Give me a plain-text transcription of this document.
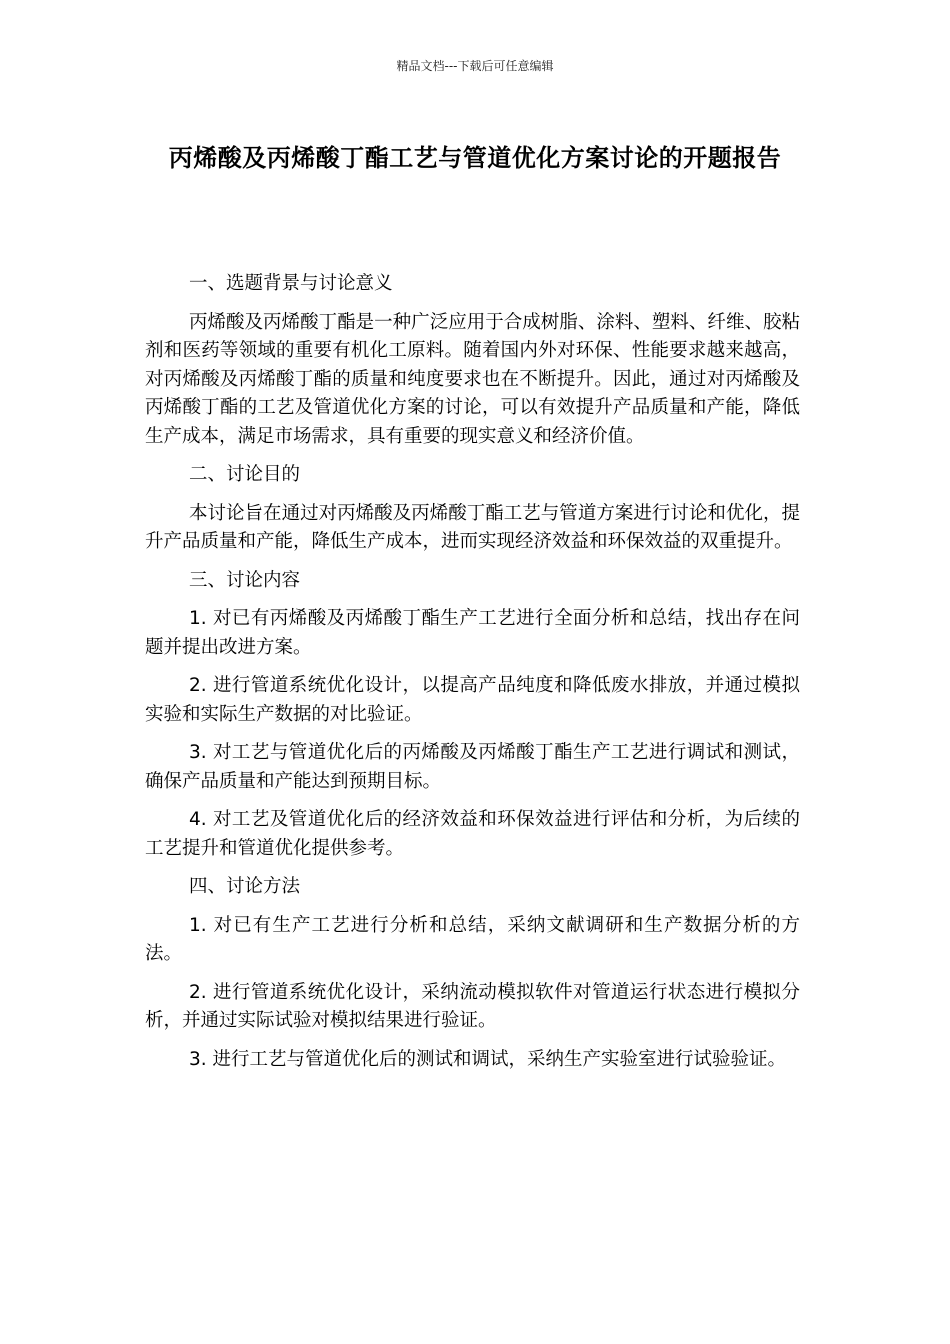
精品文档---下载后可任意编辑
丙烯酸及丙烯酸丁酯工艺与管道优化方案讨论的开题报告

一、选题背景与讨论意义

丙烯酸及丙烯酸丁酯是一种广泛应用于合成树脂、涂料、塑料、纤维、胶粘剂和医药等领域的重要有机化工原料。随着国内外对环保、性能要求越来越高，对丙烯酸及丙烯酸丁酯的质量和纯度要求也在不断提升。因此，通过对丙烯酸及丙烯酸丁酯的工艺及管道优化方案的讨论，可以有效提升产品质量和产能，降低生产成本，满足市场需求，具有重要的现实意义和经济价值。

二、讨论目的

本讨论旨在通过对丙烯酸及丙烯酸丁酯工艺与管道方案进行讨论和优化，提升产品质量和产能，降低生产成本，进而实现经济效益和环保效益的双重提升。

三、讨论内容

1. 对已有丙烯酸及丙烯酸丁酯生产工艺进行全面分析和总结，找出存在问题并提出改进方案。

2. 进行管道系统优化设计，以提高产品纯度和降低废水排放，并通过模拟实验和实际生产数据的对比验证。

3. 对工艺与管道优化后的丙烯酸及丙烯酸丁酯生产工艺进行调试和测试，确保产品质量和产能达到预期目标。

4. 对工艺及管道优化后的经济效益和环保效益进行评估和分析，为后续的工艺提升和管道优化提供参考。

四、讨论方法

1. 对已有生产工艺进行分析和总结，采纳文献调研和生产数据分析的方法。

2. 进行管道系统优化设计，采纳流动模拟软件对管道运行状态进行模拟分析，并通过实际试验对模拟结果进行验证。

3. 进行工艺与管道优化后的测试和调试，采纳生产实验室进行试验验证。
